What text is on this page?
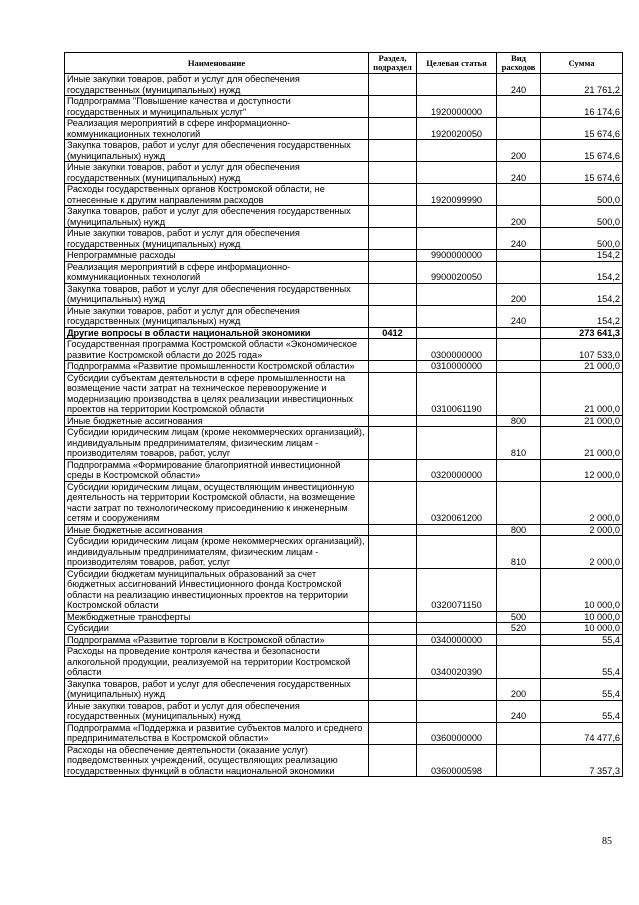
Наименование	Раздел, подраздел	Целевая статья	Вид расходов	Сумма
Иные закупки товаров, работ и услуг для обеспечения государственных (муниципальных) нужд			240	21 761,2
Подпрограмма "Повышение качества и доступности государственных и муниципальных услуг"		1920000000		16 174,6
Реализация мероприятий в сфере информационно-коммуникационных технологий		1920020050		15 674,6
Закупка товаров, работ и услуг для обеспечения государственных (муниципальных) нужд			200	15 674,6
Иные закупки товаров, работ и услуг для обеспечения государственных (муниципальных) нужд			240	15 674,6
Расходы государственных органов Костромской области, не отнесенные к другим направлениям расходов		1920099990		500,0
Закупка товаров, работ и услуг для обеспечения государственных (муниципальных) нужд			200	500,0
Иные закупки товаров, работ и услуг для обеспечения государственных (муниципальных) нужд			240	500,0
Непрограммные расходы		9900000000		154,2
Реализация мероприятий в сфере информационно-коммуникационных технологий		9900020050		154,2
Закупка товаров, работ и услуг для обеспечения государственных (муниципальных) нужд			200	154,2
Иные закупки товаров, работ и услуг для обеспечения государственных (муниципальных) нужд			240	154,2
Другие вопросы в области национальной экономики	0412			273 641,3
Государственная программа Костромской области «Экономическое развитие Костромской области до 2025 года»		0300000000		107 533,0
Подпрограмма «Развитие промышленности Костромской области»		0310000000		21 000,0
Субсидии субъектам деятельности в сфере промышленности на возмещение части затрат на техническое перевооружение и модернизацию производства в целях реализации инвестиционных проектов на территории Костромской области		0310061190		21 000,0
Иные бюджетные ассигнования			800	21 000,0
Субсидии юридическим лицам (кроме некоммерческих организаций), индивидуальным предпринимателям, физическим лицам - производителям товаров, работ, услуг			810	21 000,0
Подпрограмма «Формирование благоприятной инвестиционной среды в Костромской области»		0320000000		12 000,0
Субсидии юридическим лицам, осуществляющим инвестиционную деятельность на территории Костромской области, на возмещение части затрат по технологическому присоединению к инженерным сетям и сооружениям		0320061200		2 000,0
Иные бюджетные ассигнования			800	2 000,0
Субсидии юридическим лицам (кроме некоммерческих организаций), индивидуальным предпринимателям, физическим лицам - производителям товаров, работ, услуг			810	2 000,0
Субсидии бюджетам муниципальных образований за счет бюджетных ассигнований Инвестиционного фонда Костромской области на реализацию инвестиционных проектов на территории Костромской области		0320071150		10 000,0
Межбюджетные трансферты			500	10 000,0
Субсидии			520	10 000,0
Подпрограмма «Развитие торговли в Костромской области»		0340000000		55,4
Расходы на проведение контроля качества и безопасности алкогольной продукции, реализуемой на территории Костромской области		0340020390		55,4
Закупка товаров, работ и услуг для обеспечения государственных (муниципальных) нужд			200	55,4
Иные закупки товаров, работ и услуг для обеспечения государственных (муниципальных) нужд			240	55,4
Подпрограмма «Поддержка и развитие субъектов малого и среднего предпринимательства в Костромской области»		0360000000		74 477,6
Расходы на обеспечение деятельности (оказание услуг) подведомственных учреждений, осуществляющих реализацию государственных функций в области национальной экономики		0360000598		7 357,3
85
